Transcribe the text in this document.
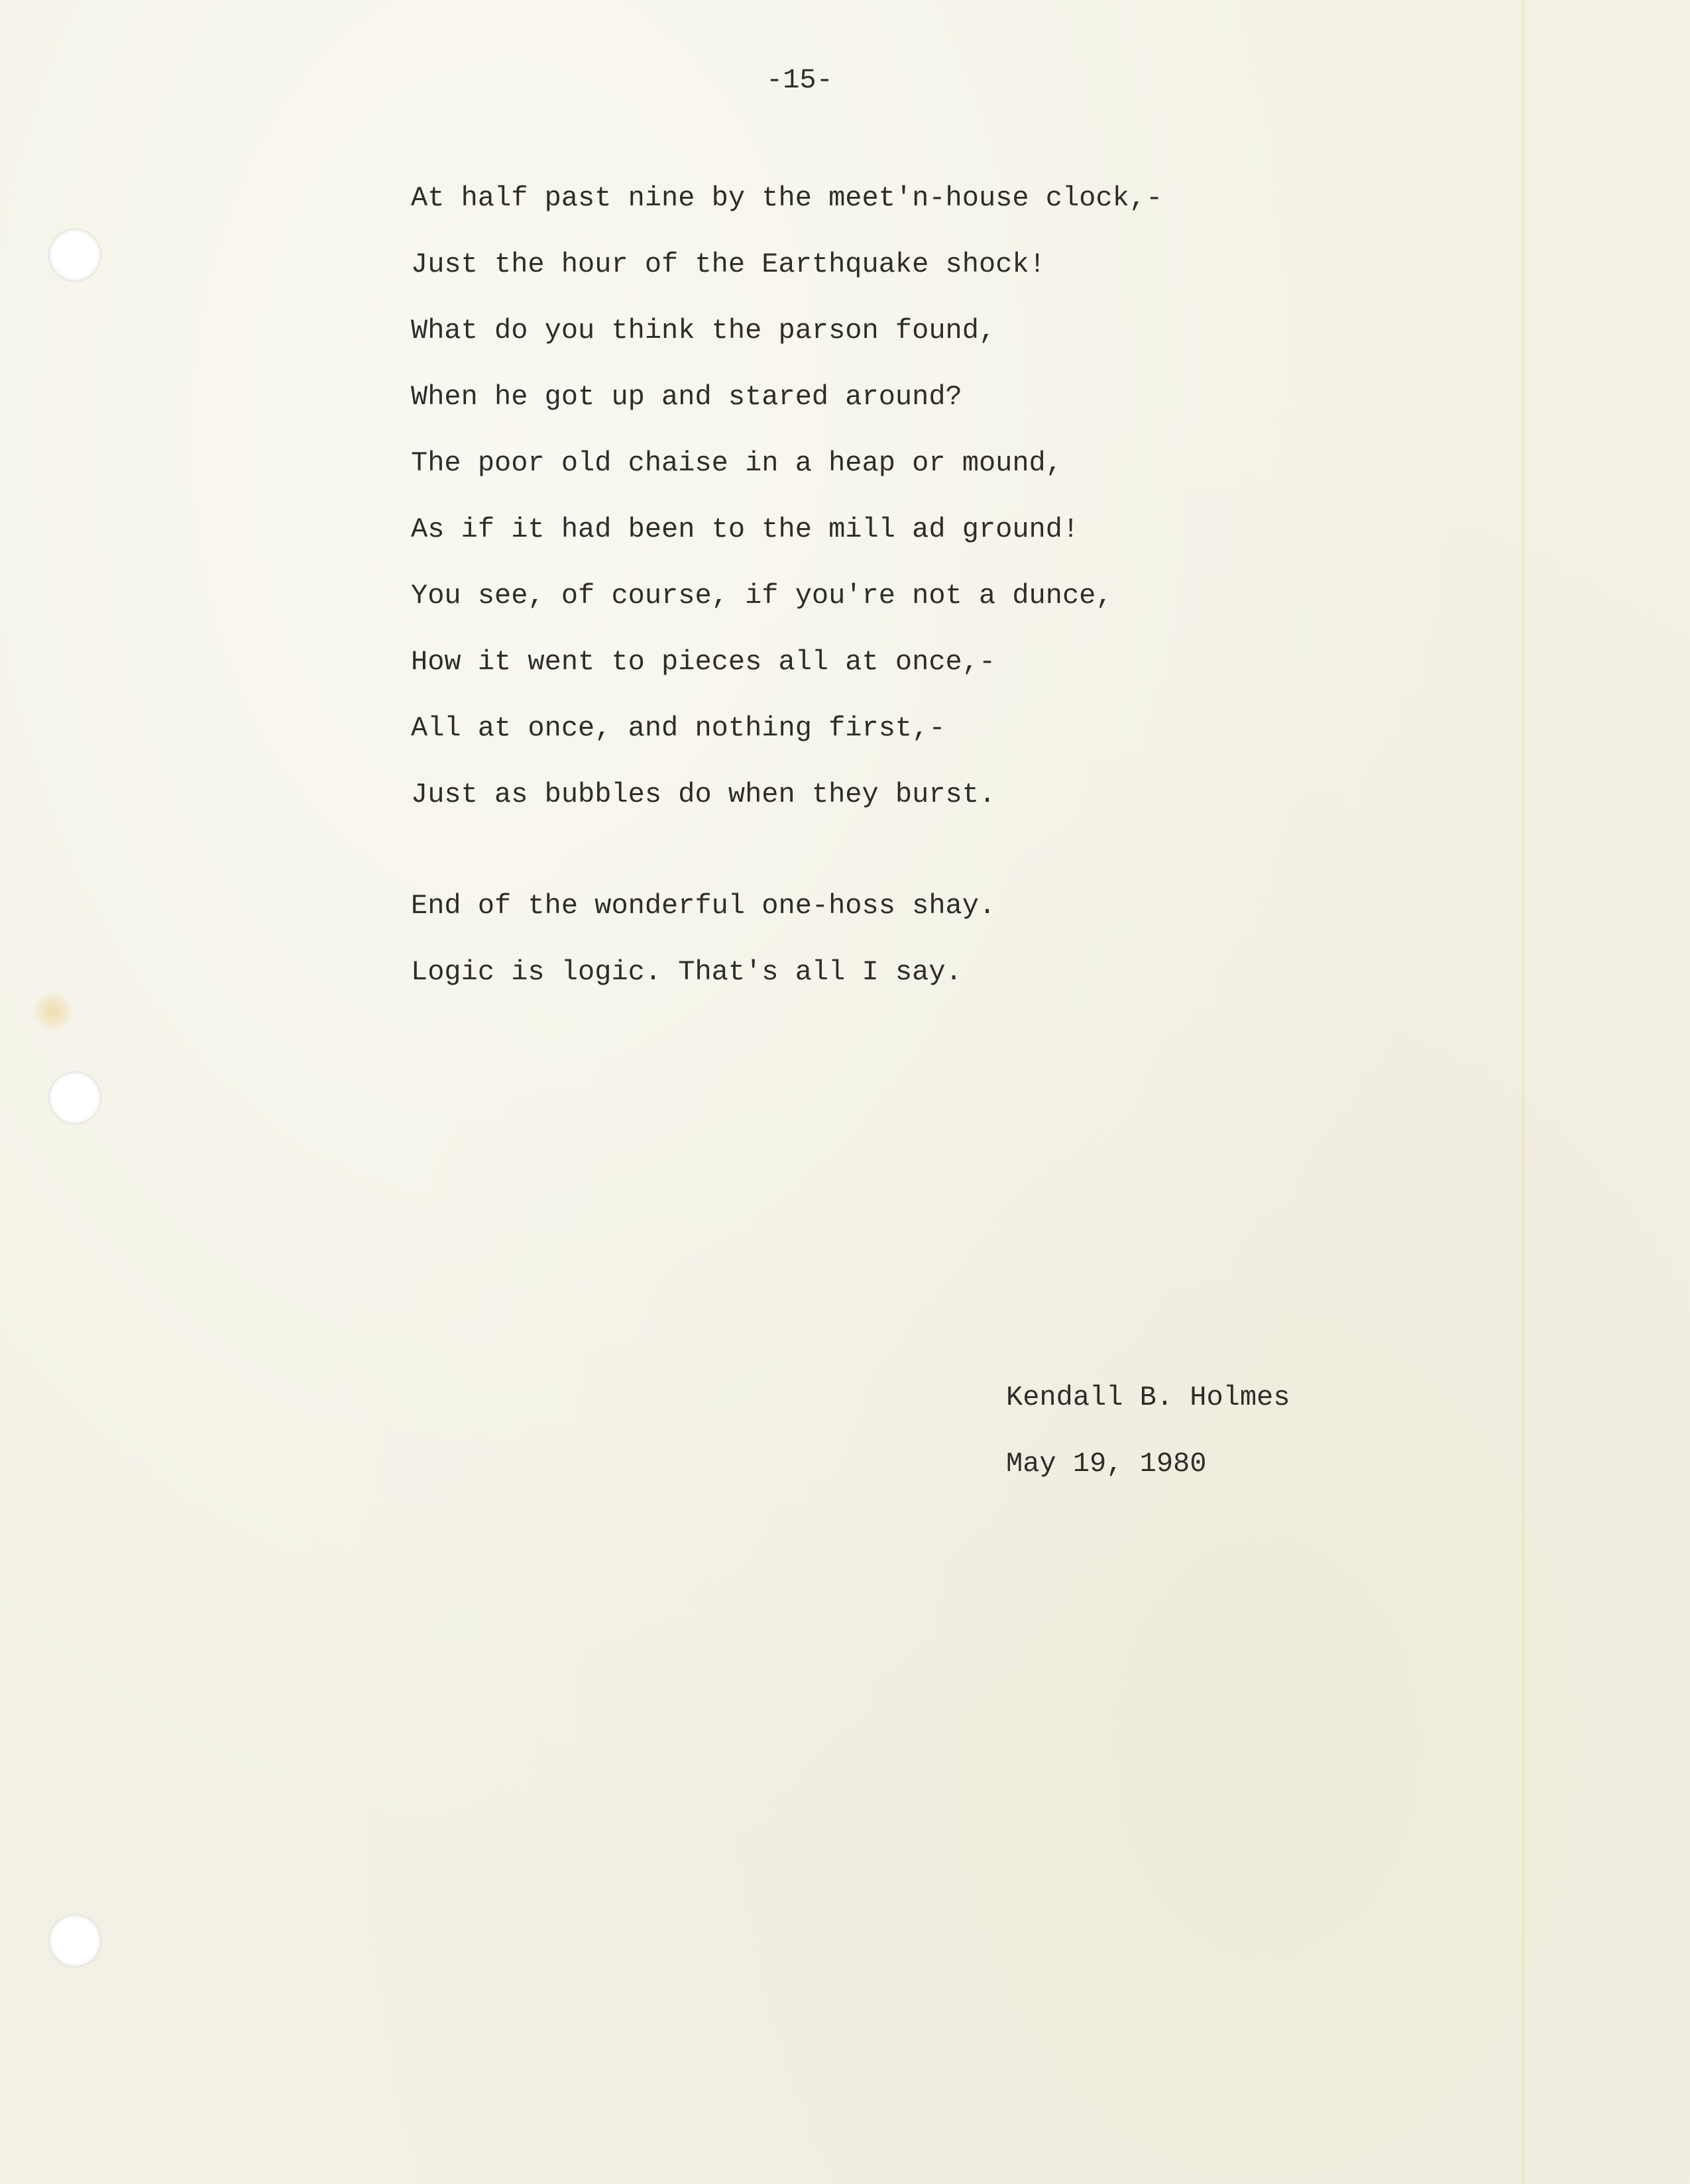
-15-
At half past nine by the meet'n-house clock,-
Just the hour of the Earthquake shock!
What do you think the parson found,
When he got up and stared around?
The poor old chaise in a heap or mound,
As if it had been to the mill ad ground!
You see, of course, if you're not a dunce,
How it went to pieces all at once,-
All at once, and nothing first,-
Just as bubbles do when they burst.
End of the wonderful one-hoss shay.
Logic is logic. That's all I say.
Kendall B. Holmes
May 19, 1980
